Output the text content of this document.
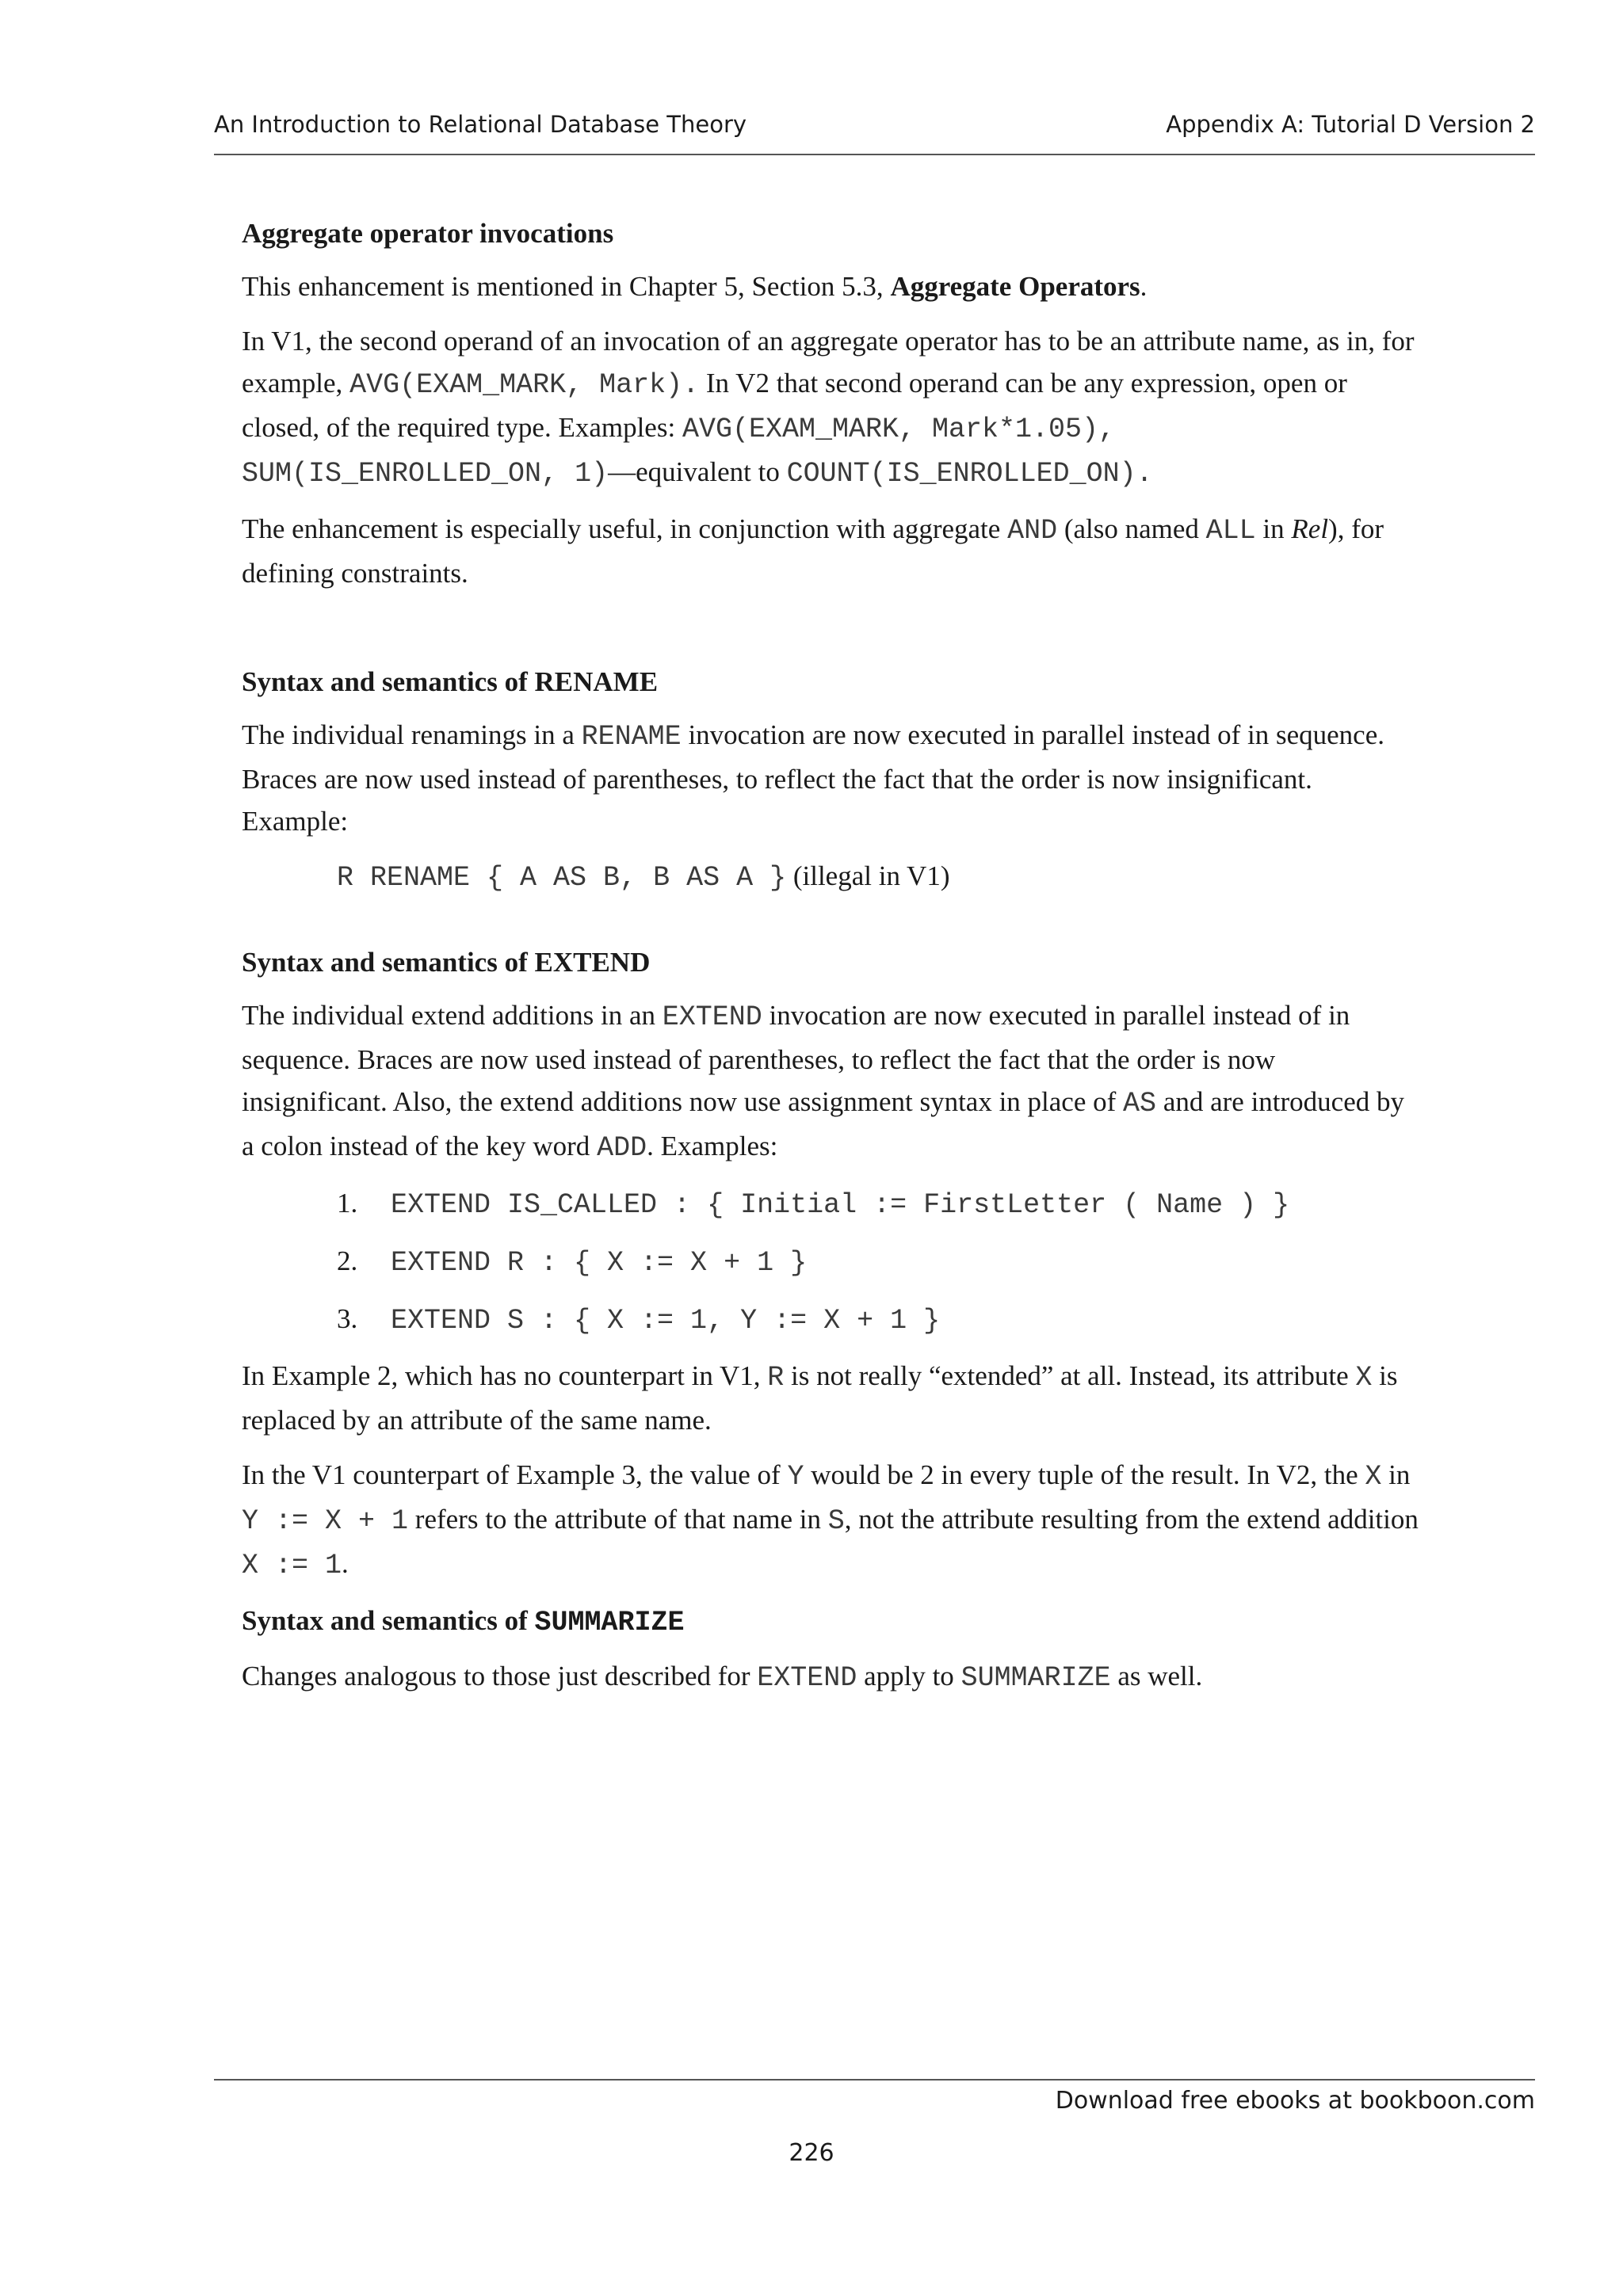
An Introduction to Relational Database Theory	Appendix A: Tutorial D Version 2

Aggregate operator invocations

This enhancement is mentioned in Chapter 5, Section 5.3, Aggregate Operators.

In V1, the second operand of an invocation of an aggregate operator has to be an attribute name, as in, for
example, AVG(EXAM_MARK, Mark). In V2 that second operand can be any expression, open or
closed, of the required type. Examples: AVG(EXAM_MARK, Mark*1.05),
SUM(IS_ENROLLED_ON, 1)—equivalent to COUNT(IS_ENROLLED_ON).

The enhancement is especially useful, in conjunction with aggregate AND (also named ALL in Rel), for
defining constraints.

Syntax and semantics of RENAME

The individual renamings in a RENAME invocation are now executed in parallel instead of in sequence.
Braces are now used instead of parentheses, to reflect the fact that the order is now insignificant.
Example:

R RENAME { A AS B, B AS A } (illegal in V1)

Syntax and semantics of EXTEND

The individual extend additions in an EXTEND invocation are now executed in parallel instead of in
sequence. Braces are now used instead of parentheses, to reflect the fact that the order is now
insignificant. Also, the extend additions now use assignment syntax in place of AS and are introduced by
a colon instead of the key word ADD. Examples:

1. EXTEND IS_CALLED : { Initial := FirstLetter ( Name ) }

2. EXTEND R : { X := X + 1 }

3. EXTEND S : { X := 1, Y := X + 1 }

In Example 2, which has no counterpart in V1, R is not really “extended” at all. Instead, its attribute X is
replaced by an attribute of the same name.

In the V1 counterpart of Example 3, the value of Y would be 2 in every tuple of the result. In V2, the X in
Y := X + 1 refers to the attribute of that name in S, not the attribute resulting from the extend addition
X := 1.

Syntax and semantics of SUMMARIZE

Changes analogous to those just described for EXTEND apply to SUMMARIZE as well.

Download free ebooks at bookboon.com
226
